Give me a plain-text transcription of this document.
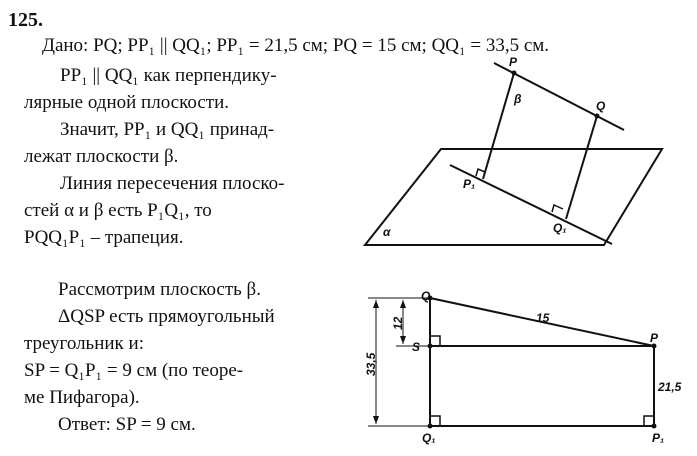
125.
Дано: PQ; PP₁ || QQ₁; PP₁ = 21,5 см; PQ = 15 см; QQ₁ = 33,5 см.
PP₁ || QQ₁ как перпендику-
лярные одной плоскости.
Значит, PP₁ и QQ₁ принад-
лежат плоскости β.
Линия пересечения плоско-
стей α и β есть P₁Q₁, то
PQQ₁P₁ – трапеция.
Рассмотрим плоскость β.
ΔQSP есть прямоугольный
треугольник и:
SP = Q₁P₁ = 9 см (по теоре-
ме Пифагора).
Ответ: SP = 9 см.
P
Q
β
P₁
Q₁
α
Q
P
S
Q₁	P₁
15
21,5
12
33,5
